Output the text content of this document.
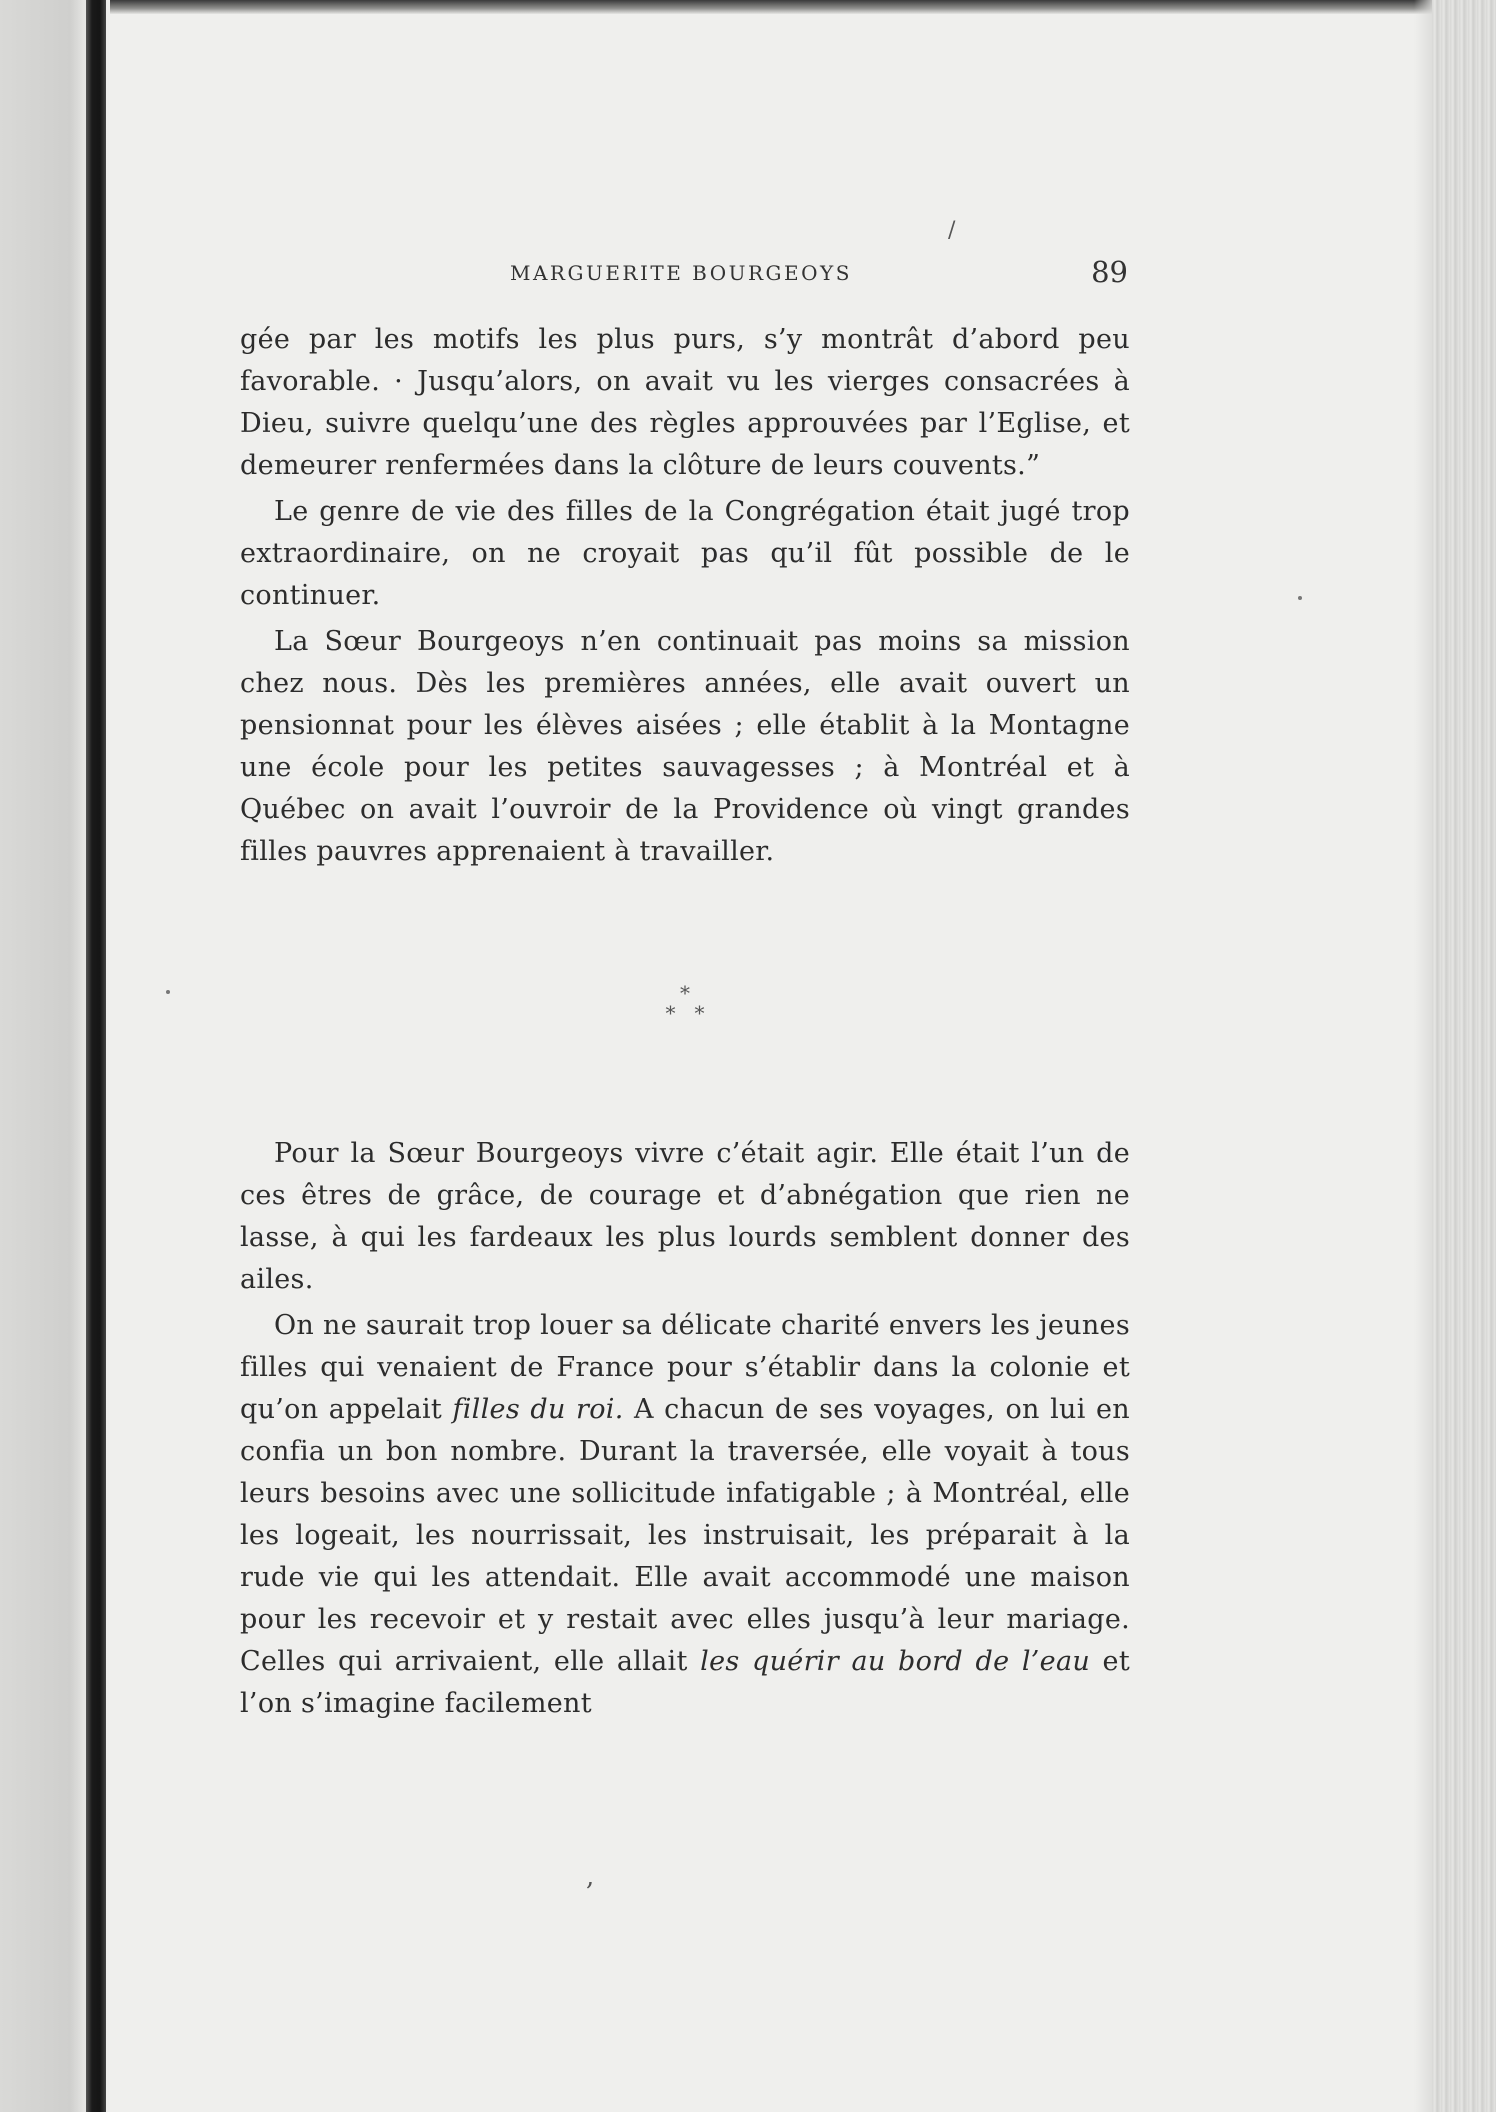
/
,
MARGUERITE BOURGEOYS	89

gée par les motifs les plus purs, s’y montrât d’abord peu favorable. · Jusqu’alors, on avait vu les vierges consacrées à Dieu, suivre quelqu’une des règles approuvées par l’Eglise, et demeurer renfermées dans la clôture de leurs couvents.”

Le genre de vie des filles de la Congrégation était jugé trop extraordinaire, on ne croyait pas qu’il fût possible de le continuer.

La Sœur Bourgeoys n’en continuait pas moins sa mission chez nous. Dès les premières années, elle avait ouvert un pensionnat pour les élèves aisées ; elle établit à la Montagne une école pour les petites sauvagesses ; à Montréal et à Québec on avait l’ouvroir de la Providence où vingt grandes filles pauvres apprenaient à travailler.

*
*   *

Pour la Sœur Bourgeoys vivre c’était agir. Elle était l’un de ces êtres de grâce, de courage et d’abnégation que rien ne lasse, à qui les fardeaux les plus lourds semblent donner des ailes.

On ne saurait trop louer sa délicate charité envers les jeunes filles qui venaient de France pour s’établir dans la colonie et qu’on appelait filles du roi. A chacun de ses voyages, on lui en confia un bon nombre. Durant la traversée, elle voyait à tous leurs besoins avec une sollicitude infatigable ; à Montréal, elle les logeait, les nourrissait, les instruisait, les préparait à la rude vie qui les attendait. Elle avait accommodé une maison pour les recevoir et y restait avec elles jusqu’à leur mariage. Celles qui arrivaient, elle allait les quérir au bord de l’eau et l’on s’imagine facilement
